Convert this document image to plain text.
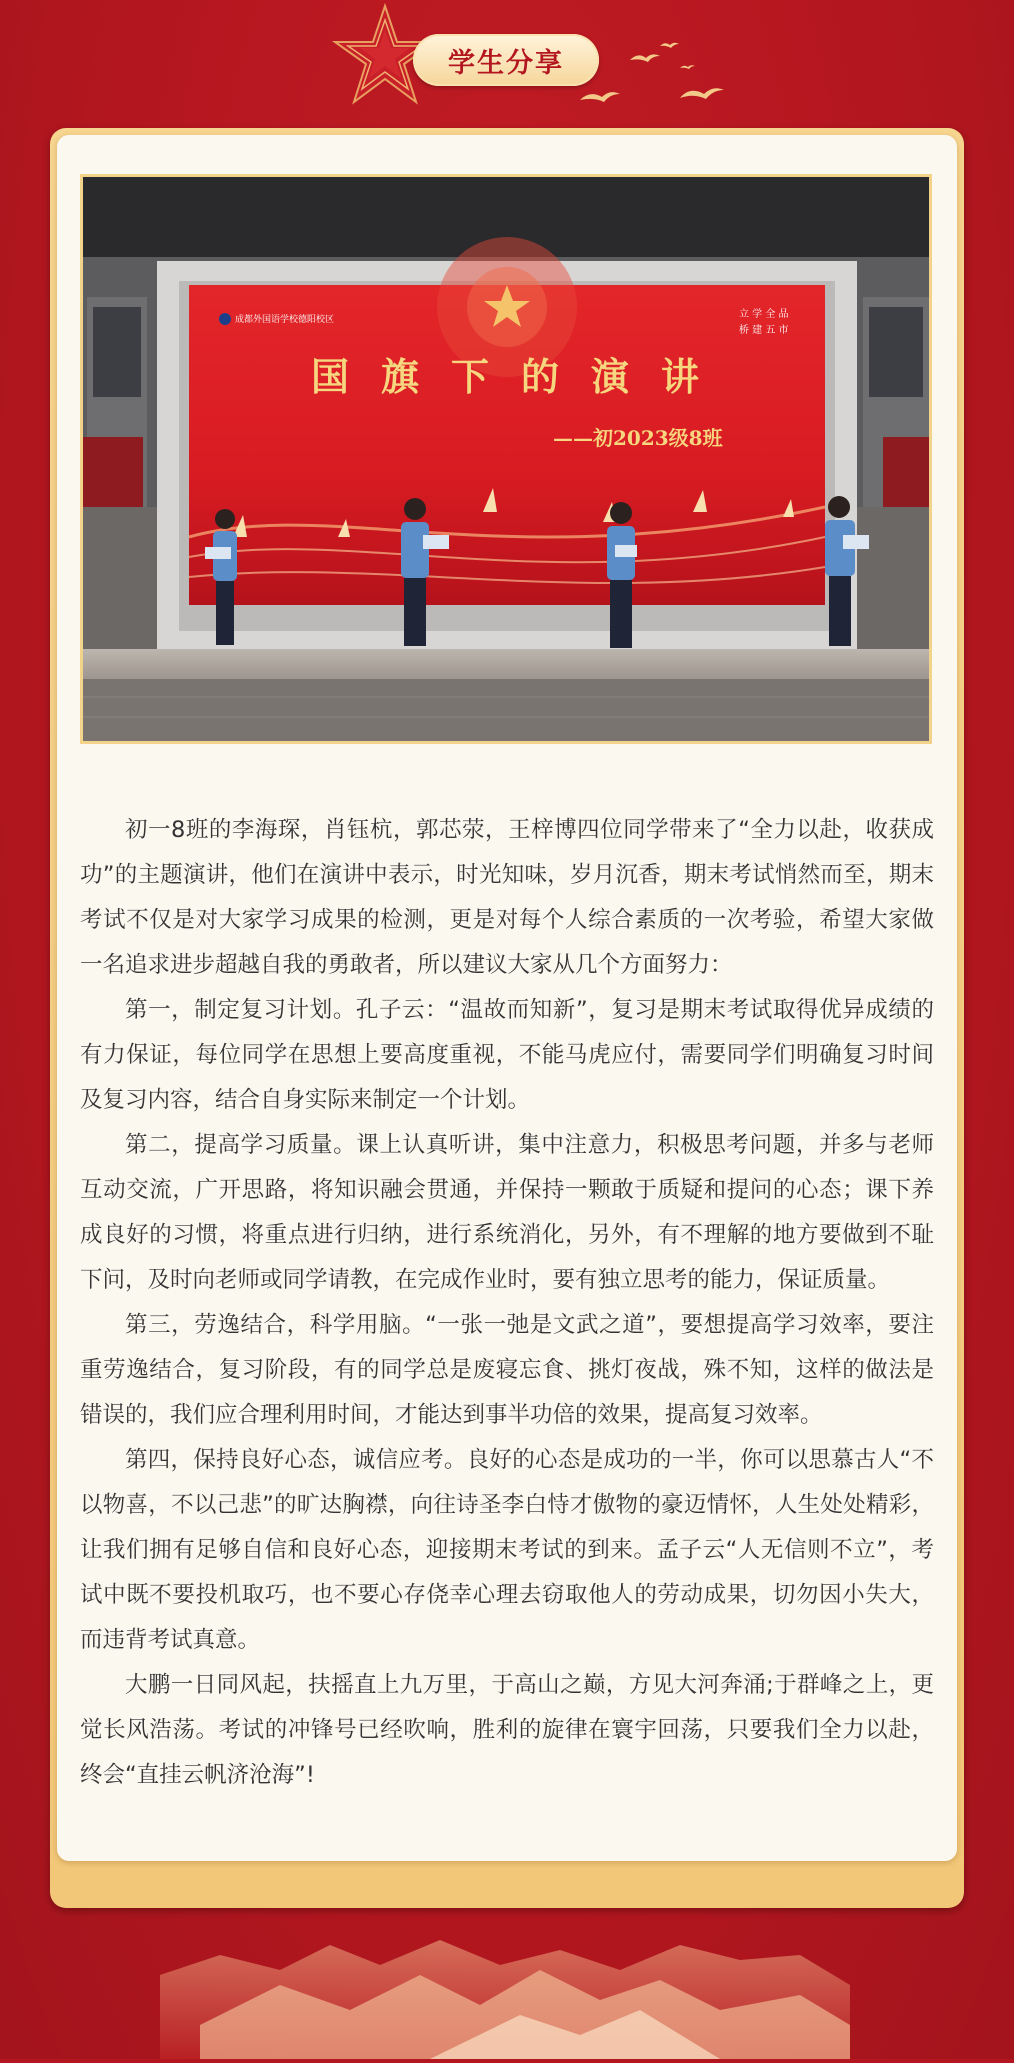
学生分享
国旗下的演讲
——初2023级8班
成都外国语学校德阳校区	立 学 全 品
桥 建 五 市

初一8班的李海琛，肖钰杭，郭芯荥，王梓博四位同学带来了“全力以赴，收获成功”的主题演讲，他们在演讲中表示，时光知味，岁月沉香，期末考试悄然而至，期末考试不仅是对大家学习成果的检测，更是对每个人综合素质的一次考验，希望大家做一名追求进步超越自我的勇敢者，所以建议大家从几个方面努力：

第一，制定复习计划。孔子云：“温故而知新”，复习是期末考试取得优异成绩的有力保证，每位同学在思想上要高度重视，不能马虎应付，需要同学们明确复习时间及复习内容，结合自身实际来制定一个计划。

第二，提高学习质量。课上认真听讲，集中注意力，积极思考问题，并多与老师互动交流，广开思路，将知识融会贯通，并保持一颗敢于质疑和提问的心态；课下养成良好的习惯，将重点进行归纳，进行系统消化，另外，有不理解的地方要做到不耻下问，及时向老师或同学请教，在完成作业时，要有独立思考的能力，保证质量。

第三，劳逸结合，科学用脑。“一张一弛是文武之道”，要想提高学习效率，要注重劳逸结合，复习阶段，有的同学总是废寝忘食、挑灯夜战，殊不知，这样的做法是错误的，我们应合理利用时间，才能达到事半功倍的效果，提高复习效率。

第四，保持良好心态，诚信应考。良好的心态是成功的一半，你可以思慕古人“不以物喜，不以己悲”的旷达胸襟，向往诗圣李白恃才傲物的豪迈情怀，人生处处精彩，让我们拥有足够自信和良好心态，迎接期末考试的到来。孟子云“人无信则不立”，考试中既不要投机取巧，也不要心存侥幸心理去窃取他人的劳动成果，切勿因小失大，而违背考试真意。

大鹏一日同风起，扶摇直上九万里，于高山之巅，方见大河奔涌;于群峰之上，更觉长风浩荡。考试的冲锋号已经吹响，胜利的旋律在寰宇回荡，只要我们全力以赴，终会“直挂云帆济沧海”!
